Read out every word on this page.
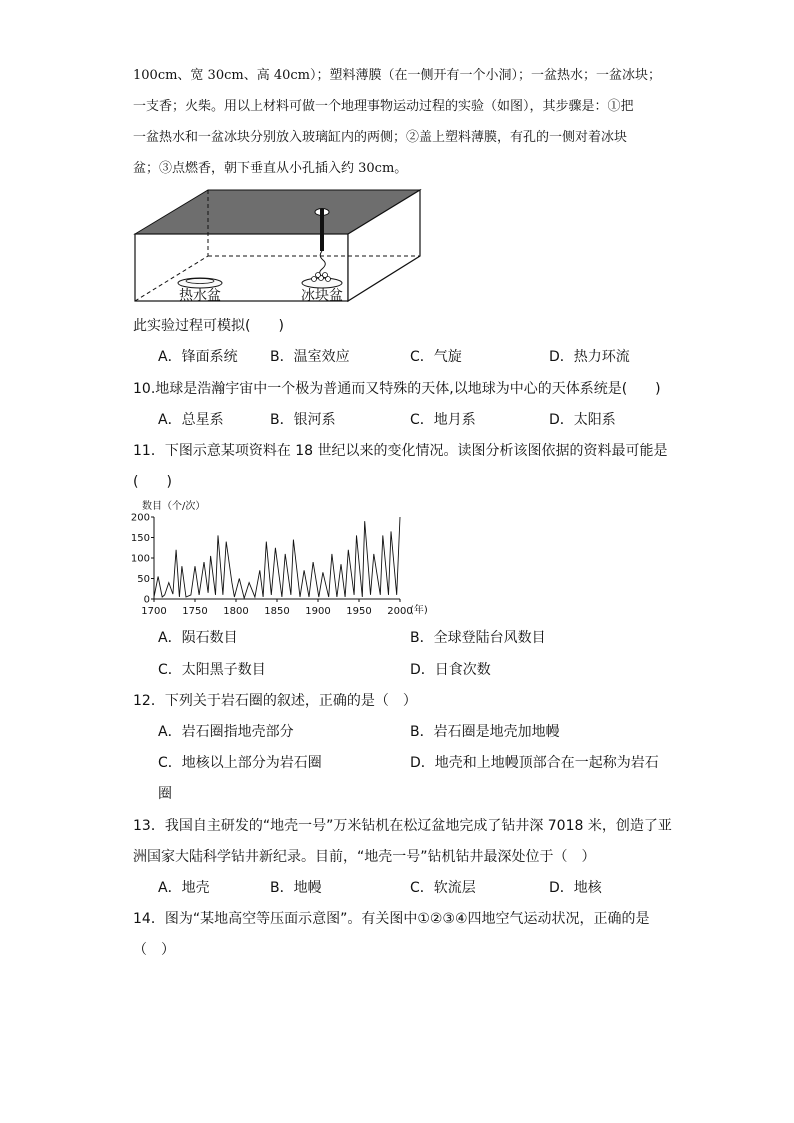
100cm、宽 30cm、高 40cm）；塑料薄膜（在一侧开有一个小洞）；一盆热水；一盆冰块；
一支香；火柴。用以上材料可做一个地理事物运动过程的实验（如图），其步骤是：①把
一盆热水和一盆冰块分别放入玻璃缸内的两侧；②盖上塑料薄膜，有孔的一侧对着冰块
盆；③点燃香，朝下垂直从小孔插入约 30cm。
热水盆	冰块盆
此实验过程可模拟(　　)
A．锋面系统 B．温室效应	C．气旋	D．热力环流
10.地球是浩瀚宇宙中一个极为普通而又特殊的天体,以地球为中心的天体系统是(　　)
A．总星系	B．银河系	C．地月系	D．太阳系
11．下图示意某项资料在 18 世纪以来的变化情况。读图分析该图依据的资料最可能是
(　　)
数目（个/次）
0
50
100
150
200
1700 1750 1800 1850 1900 1950 2000
(年)
A．陨石数目	B．全球登陆台风数目
C．太阳黑子数目	D．日食次数
12．下列关于岩石圈的叙述，正确的是（　）
A．岩石圈指地壳部分	B．岩石圈是地壳加地幔
C．地核以上部分为岩石圈	D．地壳和上地幔顶部合在一起称为岩石
圈
13．我国自主研发的“地壳一号”万米钻机在松辽盆地完成了钻井深 7018 米，创造了亚
洲国家大陆科学钻井新纪录。目前，“地壳一号”钻机钻井最深处位于（　）
A．地壳	B．地幔	C．软流层	D．地核
14．图为“某地高空等压面示意图”。有关图中①②③④四地空气运动状况，正确的是
（　）
